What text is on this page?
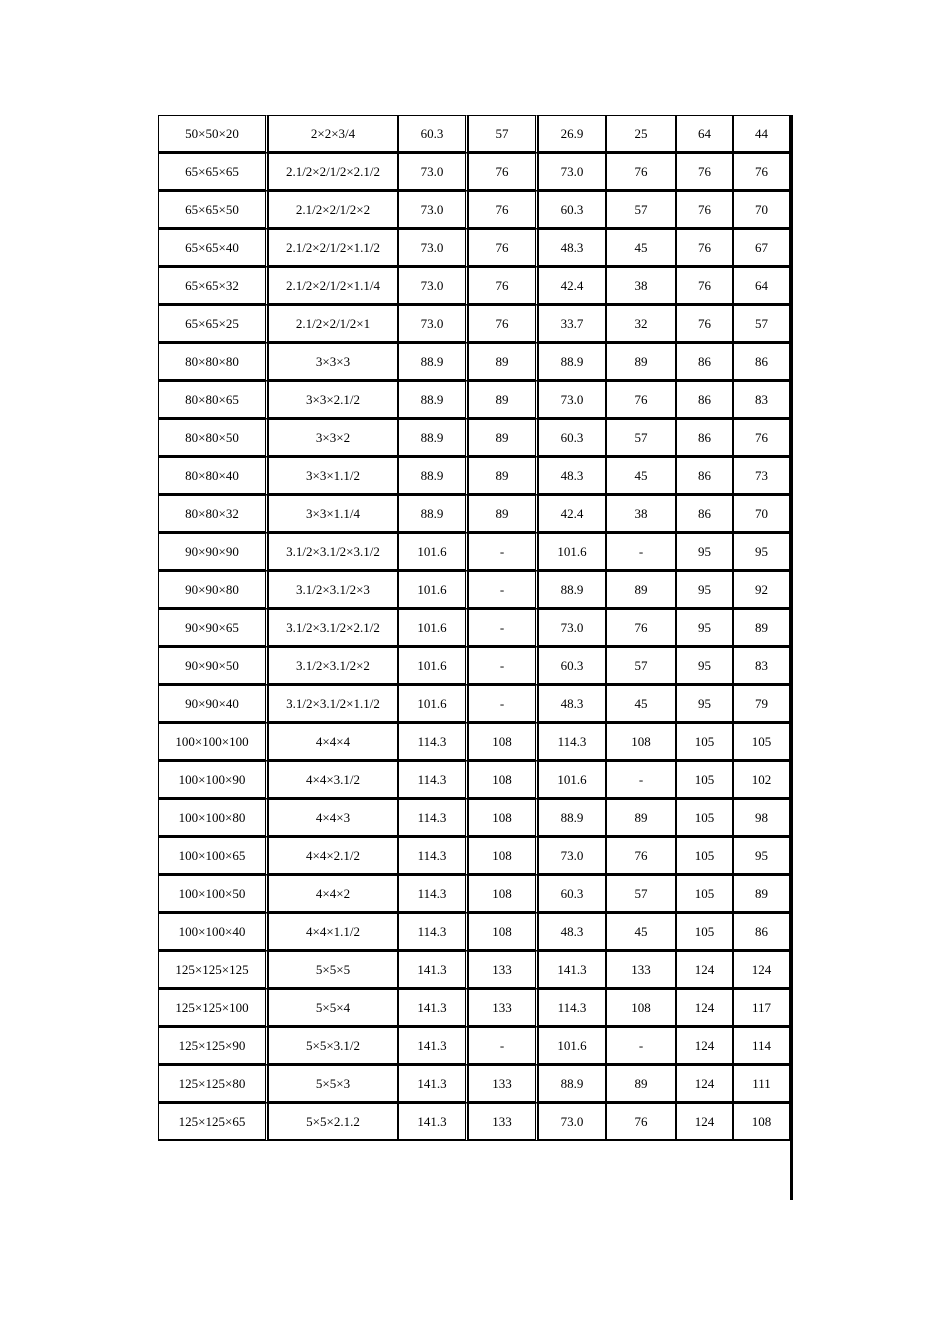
50×50×20	2×2×3/4	60.3	57	26.9	25	64	44
65×65×65	2.1/2×2/1/2×2.1/2	73.0	76	73.0	76	76	76
65×65×50	2.1/2×2/1/2×2	73.0	76	60.3	57	76	70
65×65×40	2.1/2×2/1/2×1.1/2	73.0	76	48.3	45	76	67
65×65×32	2.1/2×2/1/2×1.1/4	73.0	76	42.4	38	76	64
65×65×25	2.1/2×2/1/2×1	73.0	76	33.7	32	76	57
80×80×80	3×3×3	88.9	89	88.9	89	86	86
80×80×65	3×3×2.1/2	88.9	89	73.0	76	86	83
80×80×50	3×3×2	88.9	89	60.3	57	86	76
80×80×40	3×3×1.1/2	88.9	89	48.3	45	86	73
80×80×32	3×3×1.1/4	88.9	89	42.4	38	86	70
90×90×90	3.1/2×3.1/2×3.1/2	101.6	-	101.6	-	95	95
90×90×80	3.1/2×3.1/2×3	101.6	-	88.9	89	95	92
90×90×65	3.1/2×3.1/2×2.1/2	101.6	-	73.0	76	95	89
90×90×50	3.1/2×3.1/2×2	101.6	-	60.3	57	95	83
90×90×40	3.1/2×3.1/2×1.1/2	101.6	-	48.3	45	95	79
100×100×100	4×4×4	114.3	108	114.3	108	105	105
100×100×90	4×4×3.1/2	114.3	108	101.6	-	105	102
100×100×80	4×4×3	114.3	108	88.9	89	105	98
100×100×65	4×4×2.1/2	114.3	108	73.0	76	105	95
100×100×50	4×4×2	114.3	108	60.3	57	105	89
100×100×40	4×4×1.1/2	114.3	108	48.3	45	105	86
125×125×125	5×5×5	141.3	133	141.3	133	124	124
125×125×100	5×5×4	141.3	133	114.3	108	124	117
125×125×90	5×5×3.1/2	141.3	-	101.6	-	124	114
125×125×80	5×5×3	141.3	133	88.9	89	124	111
125×125×65	5×5×2.1.2	141.3	133	73.0	76	124	108
